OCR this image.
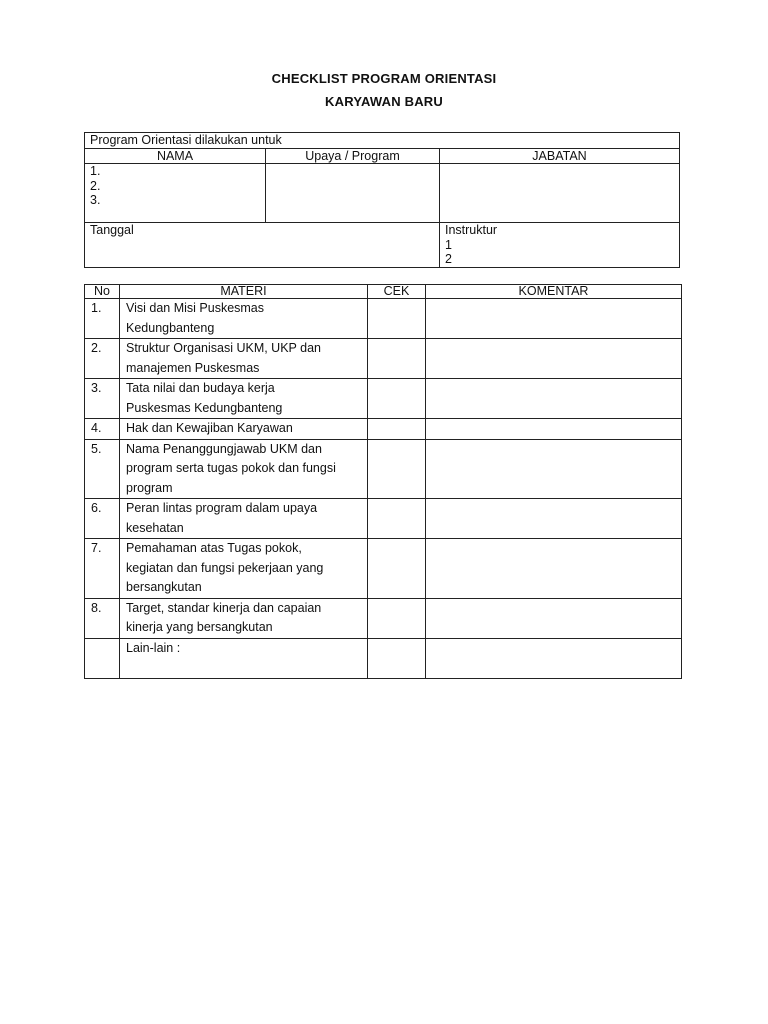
CHECKLIST PROGRAM ORIENTASI
KARYAWAN BARU
Program Orientasi dilakukan untuk		
NAMA	Upaya / Program	JABATAN

1.
2.
3.		

Tanggal		Instruktur
1
2
No	MATERI	CEK	KOMENTAR
1.	Visi dan Misi Puskesmas
Kedungbanteng		

2.	Struktur Organisasi UKM, UKP dan
manajemen Puskesmas		

3.	Tata nilai dan budaya kerja
Puskesmas Kedungbanteng		

4.	Hak dan Kewajiban Karyawan		

5.	Nama Penanggungjawab UKM dan
program serta tugas pokok dan fungsi
program		

6.	Peran lintas program dalam upaya
kesehatan		

7.	Pemahaman atas Tugas pokok,
kegiatan dan fungsi pekerjaan yang
bersangkutan		

8.	Target, standar kinerja dan capaian
kinerja yang bersangkutan		

	Lain-lain :		
